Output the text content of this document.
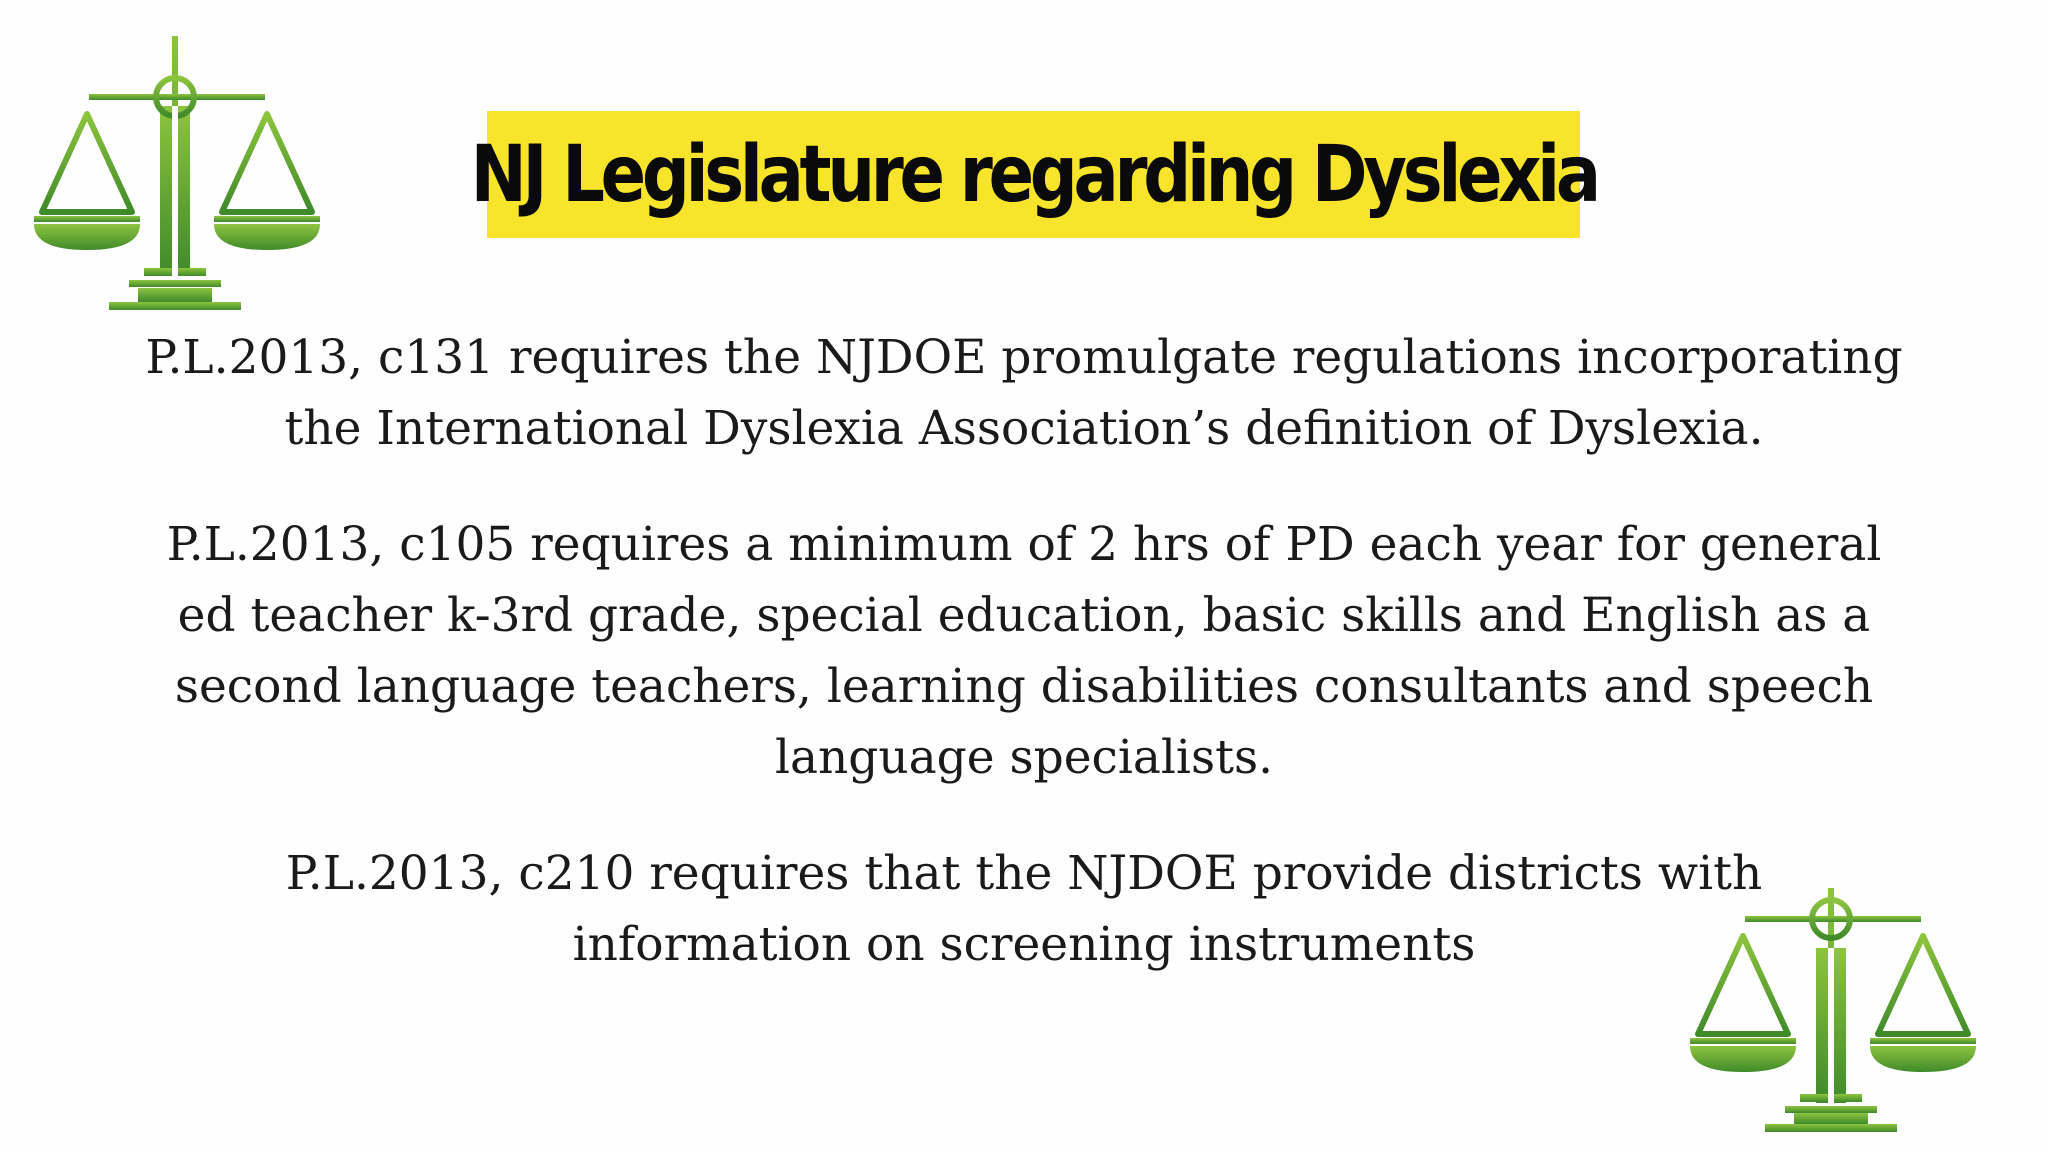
NJ Legislature regarding Dyslexia

P.L.2013, c131 requires the NJDOE promulgate regulations incorporating the International Dyslexia Association’s definition of Dyslexia.

P.L.2013, c105 requires a minimum of 2 hrs of PD each year for general ed teacher k-3rd grade, special education, basic skills and English as a second language teachers, learning disabilities consultants and speech language specialists.

P.L.2013, c210 requires that the NJDOE provide districts with information on screening instruments
